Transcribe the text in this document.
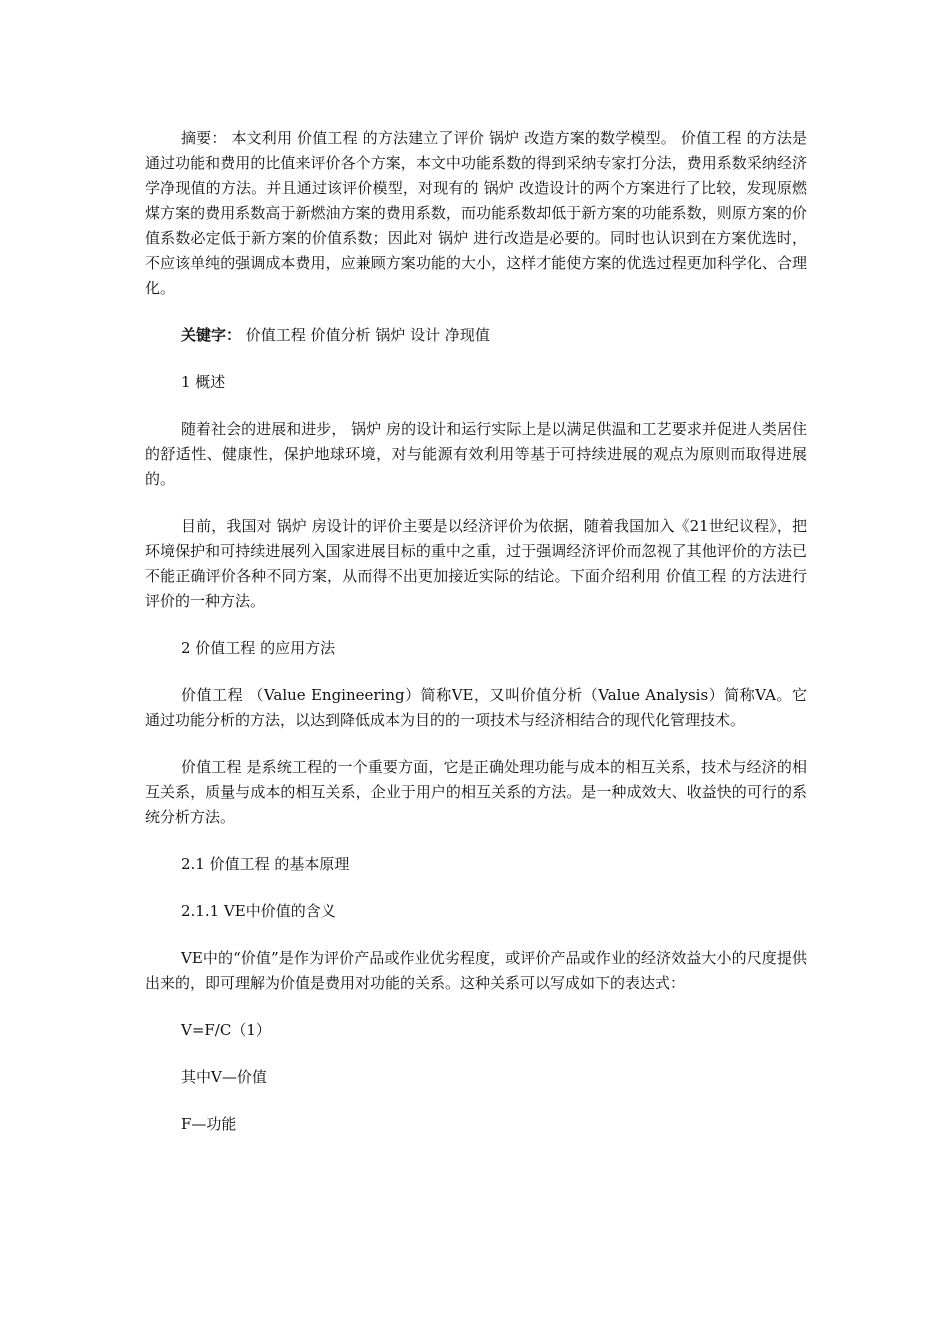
摘要： 本文利用 价值工程 的方法建立了评价 锅炉 改造方案的数学模型。 价值工程 的方法是通过功能和费用的比值来评价各个方案，本文中功能系数的得到采纳专家打分法，费用系数采纳经济学净现值的方法。并且通过该评价模型，对现有的 锅炉 改造设计的两个方案进行了比较，发现原燃煤方案的费用系数高于新燃油方案的费用系数，而功能系数却低于新方案的功能系数，则原方案的价值系数必定低于新方案的价值系数；因此对 锅炉 进行改造是必要的。同时也认识到在方案优选时，不应该单纯的强调成本费用，应兼顾方案功能的大小，这样才能使方案的优选过程更加科学化、合理化。

关键字： 价值工程 价值分析 锅炉 设计 净现值

1 概述

随着社会的进展和进步， 锅炉 房的设计和运行实际上是以满足供温和工艺要求并促进人类居住的舒适性、健康性，保护地球环境，对与能源有效利用等基于可持续进展的观点为原则而取得进展的。

目前，我国对 锅炉 房设计的评价主要是以经济评价为依据，随着我国加入《21世纪议程》，把环境保护和可持续进展列入国家进展目标的重中之重，过于强调经济评价而忽视了其他评价的方法已不能正确评价各种不同方案，从而得不出更加接近实际的结论。下面介绍利用 价值工程 的方法进行评价的一种方法。

2 价值工程 的应用方法

价值工程 （Value Engineering）简称VE，又叫价值分析（Value Analysis）简称VA。它通过功能分析的方法，以达到降低成本为目的的一项技术与经济相结合的现代化管理技术。

价值工程 是系统工程的一个重要方面，它是正确处理功能与成本的相互关系，技术与经济的相互关系，质量与成本的相互关系，企业于用户的相互关系的方法。是一种成效大、收益快的可行的系统分析方法。

2.1 价值工程 的基本原理

2.1.1 VE中价值的含义

VE中的“价值”是作为评价产品或作业优劣程度，或评价产品或作业的经济效益大小的尺度提供出来的，即可理解为价值是费用对功能的关系。这种关系可以写成如下的表达式：

V=F/C（1）

其中V—价值

F—功能
